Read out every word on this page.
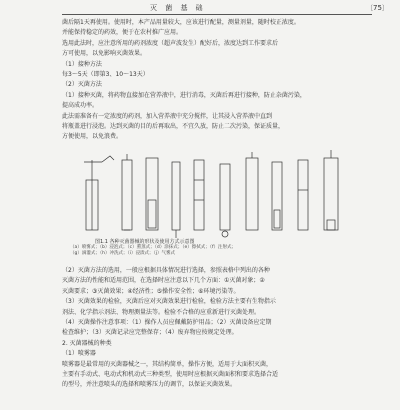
灭 菌 基 础	〔75〕

菌后隔1天再使用。使用时，本产品用量较大，应该进行配量，测量剂量，随时校正浓度。

并能保持稳定的药效，便于在农村推广应用。

选用此法时，应注意所用的药剂浓度（超声波发生）配好后，浓度达到工作要求后

方可使用，以免影响灭菌效果。

（1）接种方法

每3～5天（即第3、10～13天）

（2）灭菌方法

（1）接种灭菌，将药物直接加在营养液中，进行消毒，灭菌后再进行接种，防止杂菌污染，

提高成功率。

此法需准备有一定浓度的药剂，加入营养液中充分搅拌，让其浸入营养液中直到

将瓶盖进行浸泡。达到灭菌的目的后再取出，不宜久放，防止二次污染，保证质量，

方便使用，以免浪费。

图1.1 各种灭菌器械的形状及使用方式示意图
（a）喷雾式；（b）浸泡式；（c）熏蒸式；（d）涂抹式；（e）擦拭式；（f）注射式；
（g）滴灌式；（h）冲洗式；（i）浸渍式；（j）气雾式

（2）灭菌方法的选用，一般应根据具体情况进行选择，参照表格中列出的各种

灭菌方法的性能和适用范围，在选择时应注意以下几个方面：①灭菌对象；②

灭菌要求；③灭菌效果；④经济性；⑤操作安全性；⑥环境污染等。

（3）灭菌效果的检验，灭菌后应对灭菌效果进行检验，检验方法主要有生物指示

剂法、化学指示剂法、物理测量法等。检验不合格的应重新进行灭菌处理。

（4）灭菌操作注意事项：（1）操作人员应佩戴防护用品；（2）灭菌设备应定期

检查维护；（3）灭菌记录应完整保存；（4）废弃物应按规定处理。

2. 灭菌器械的种类

（1）喷雾器

喷雾器是最常用的灭菌器械之一，其结构简单，操作方便，适用于大面积灭菌，

主要有手动式、电动式和机动式三种类型，使用时应根据灭菌面积和要求选择合适

的型号，并注意喷头的选择和喷雾压力的调节，以保证灭菌效果。
